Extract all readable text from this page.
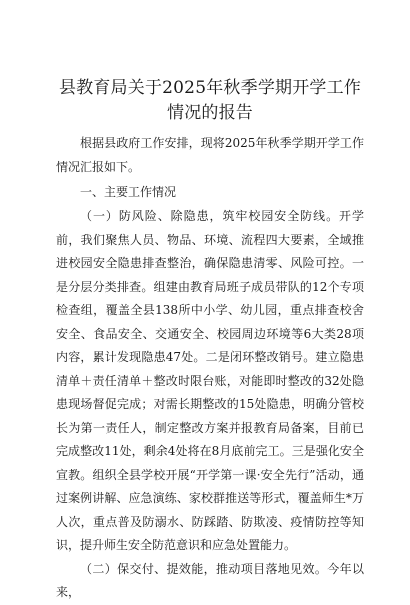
县教育局关于2025年秋季学期开学工作情况的报告

根据县政府工作安排，现将2025年秋季学期开学工作情况汇报如下。

一、主要工作情况

（一）防风险、除隐患，筑牢校园安全防线。开学前，我们聚焦人员、物品、环境、流程四大要素，全域推进校园安全隐患排查整治，确保隐患清零、风险可控。一是分层分类排查。组建由教育局班子成员带队的12个专项检查组，覆盖全县138所中小学、幼儿园，重点排查校舍安全、食品安全、交通安全、校园周边环境等6大类28项内容，累计发现隐患47处。二是闭环整改销号。建立隐患清单＋责任清单＋整改时限台账，对能即时整改的32处隐患现场督促完成；对需长期整改的15处隐患，明确分管校长为第一责任人，制定整改方案并报教育局备案，目前已完成整改11处，剩余4处将在8月底前完工。三是强化安全宣教。组织全县学校开展“开学第一课·安全先行”活动，通过案例讲解、应急演练、家校群推送等形式，覆盖师生*万人次，重点普及防溺水、防踩踏、防欺凌、疫情防控等知识，提升师生安全防范意识和应急处置能力。

（二）保交付、提效能，推动项目落地见效。今年以来，
